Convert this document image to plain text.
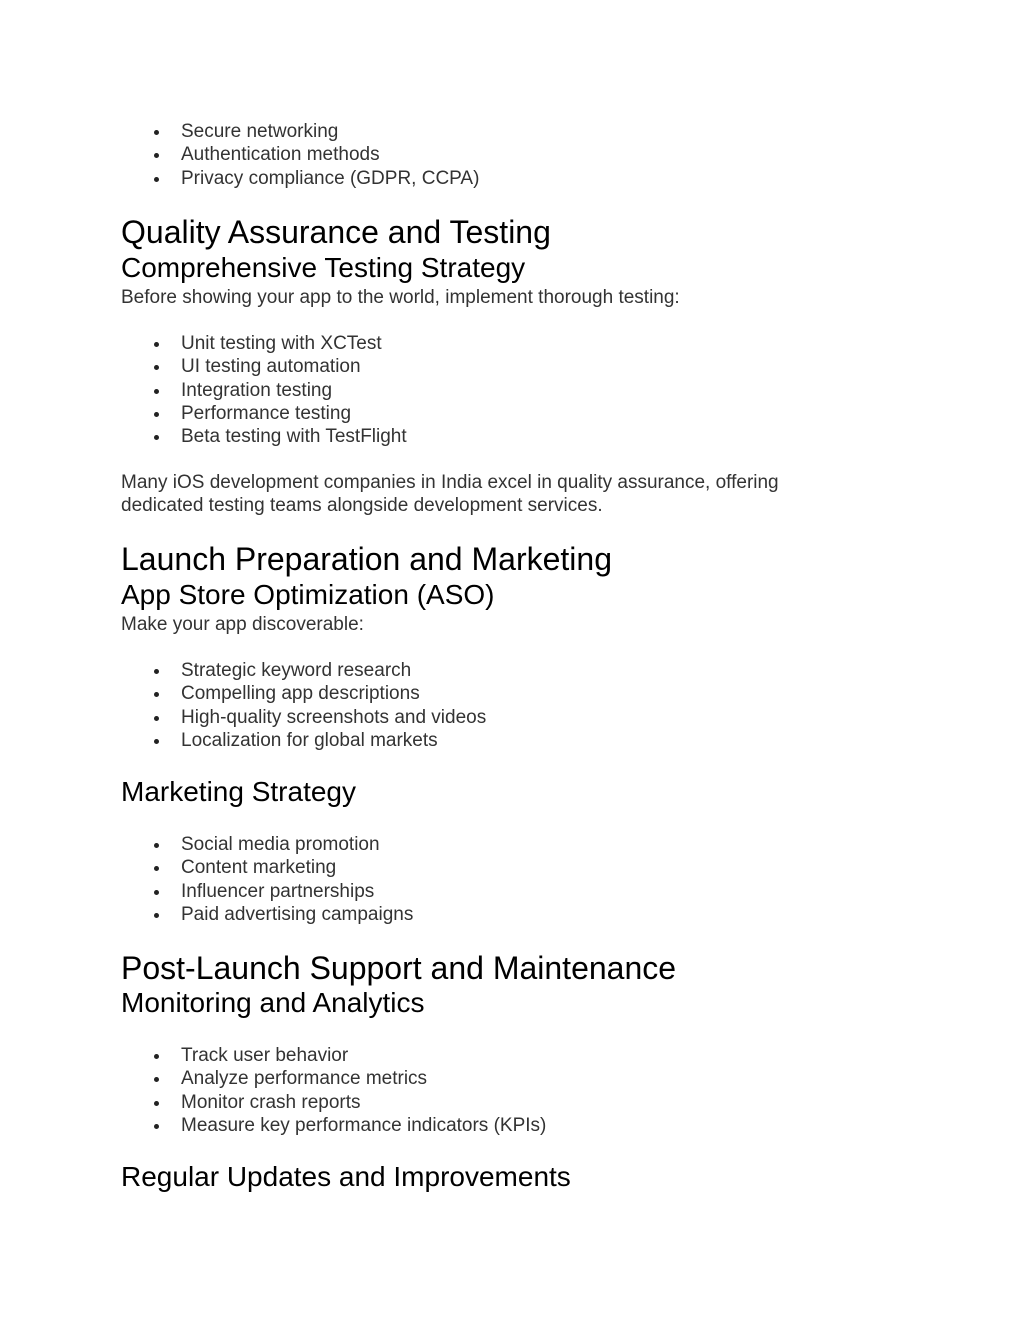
Secure networking
Authentication methods
Privacy compliance (GDPR, CCPA)
Quality Assurance and Testing
Comprehensive Testing Strategy

Before showing your app to the world, implement thorough testing:

Unit testing with XCTest
UI testing automation
Integration testing
Performance testing
Beta testing with TestFlight

Many iOS development companies in India excel in quality assurance, offering

dedicated testing teams alongside development services.

Launch Preparation and Marketing
App Store Optimization (ASO)

Make your app discoverable:

Strategic keyword research
Compelling app descriptions
High-quality screenshots and videos
Localization for global markets
Marketing Strategy
Social media promotion
Content marketing
Influencer partnerships
Paid advertising campaigns
Post-Launch Support and Maintenance
Monitoring and Analytics
Track user behavior
Analyze performance metrics
Monitor crash reports
Measure key performance indicators (KPIs)
Regular Updates and Improvements
